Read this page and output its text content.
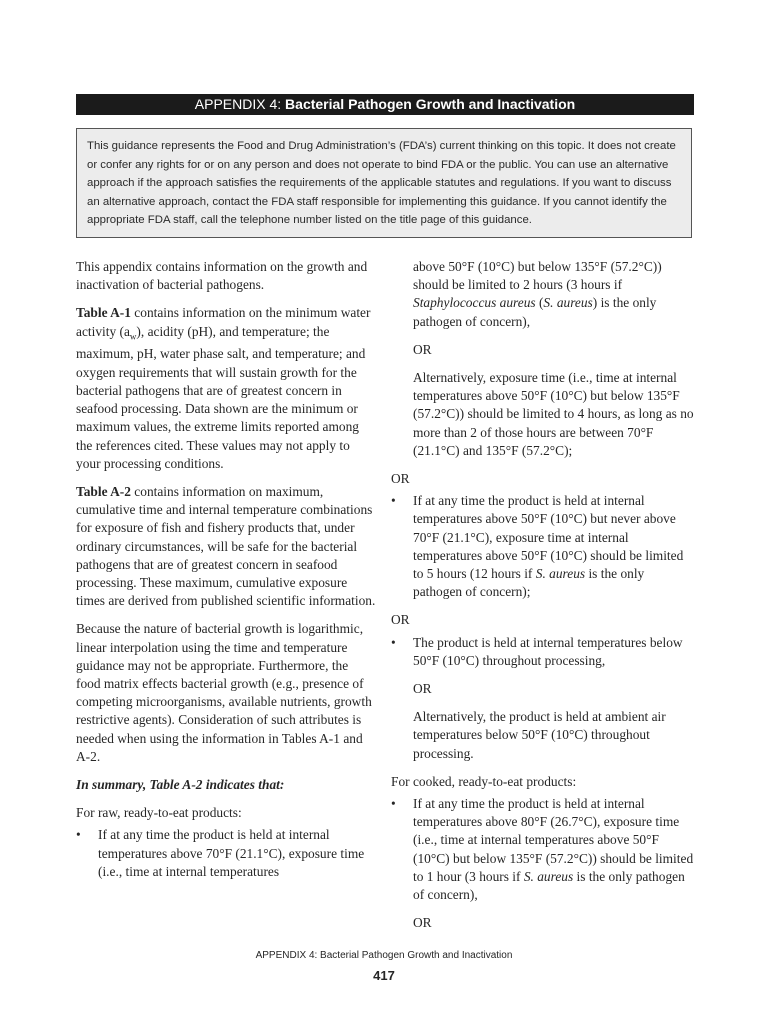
APPENDIX 4: Bacterial Pathogen Growth and Inactivation
This guidance represents the Food and Drug Administration’s (FDA’s) current thinking on this topic. It does not create or confer any rights for or on any person and does not operate to bind FDA or the public. You can use an alternative approach if the approach satisfies the requirements of the applicable statutes and regulations. If you want to discuss an alternative approach, contact the FDA staff responsible for implementing this guidance. If you cannot identify the appropriate FDA staff, call the telephone number listed on the title page of this guidance.

This appendix contains information on the growth and inactivation of bacterial pathogens.

Table A-1 contains information on the minimum water activity $(a_w)$, acidity (pH), and temperature; the maximum, pH, water phase salt, and temperature; and oxygen requirements that will sustain growth for the bacterial pathogens that are of greatest concern in seafood processing. Data shown are the minimum or maximum values, the extreme limits reported among the references cited. These values may not apply to your processing conditions.

Table A-2 contains information on maximum, cumulative time and internal temperature combinations for exposure of fish and fishery products that, under ordinary circumstances, will be safe for the bacterial pathogens that are of greatest concern in seafood processing. These maximum, cumulative exposure times are derived from published scientific information.

Because the nature of bacterial growth is logarithmic, linear interpolation using the time and temperature guidance may not be appropriate. Furthermore, the food matrix effects bacterial growth (e.g., presence of competing microorganisms, available nutrients, growth restrictive agents). Consideration of such attributes is needed when using the information in Tables A-1 and A-2.

In summary, Table A-2 indicates that:

For raw, ready-to-eat products:

• If at any time the product is held at internal temperatures above 70°F (21.1°C), exposure time (i.e., time at internal temperatures

above 50°F (10°C) but below 135°F (57.2°C)) should be limited to 2 hours (3 hours if Staphylococcus aureus (S. aureus) is the only pathogen of concern),

OR

Alternatively, exposure time (i.e., time at internal temperatures above 50°F (10°C) but below 135°F (57.2°C)) should be limited to 4 hours, as long as no more than 2 of those hours are between 70°F (21.1°C) and 135°F (57.2°C);

OR

• If at any time the product is held at internal temperatures above 50°F (10°C) but never above 70°F (21.1°C), exposure time at internal temperatures above 50°F (10°C) should be limited to 5 hours (12 hours if S. aureus is the only pathogen of concern);

OR

• The product is held at internal temperatures below 50°F (10°C) throughout processing,

OR

Alternatively, the product is held at ambient air temperatures below 50°F (10°C) throughout processing.

For cooked, ready-to-eat products:

• If at any time the product is held at internal temperatures above 80°F (26.7°C), exposure time (i.e., time at internal temperatures above 50°F (10°C) but below 135°F (57.2°C)) should be limited to 1 hour (3 hours if S. aureus is the only pathogen of concern),

OR

APPENDIX 4: Bacterial Pathogen Growth and Inactivation
417
